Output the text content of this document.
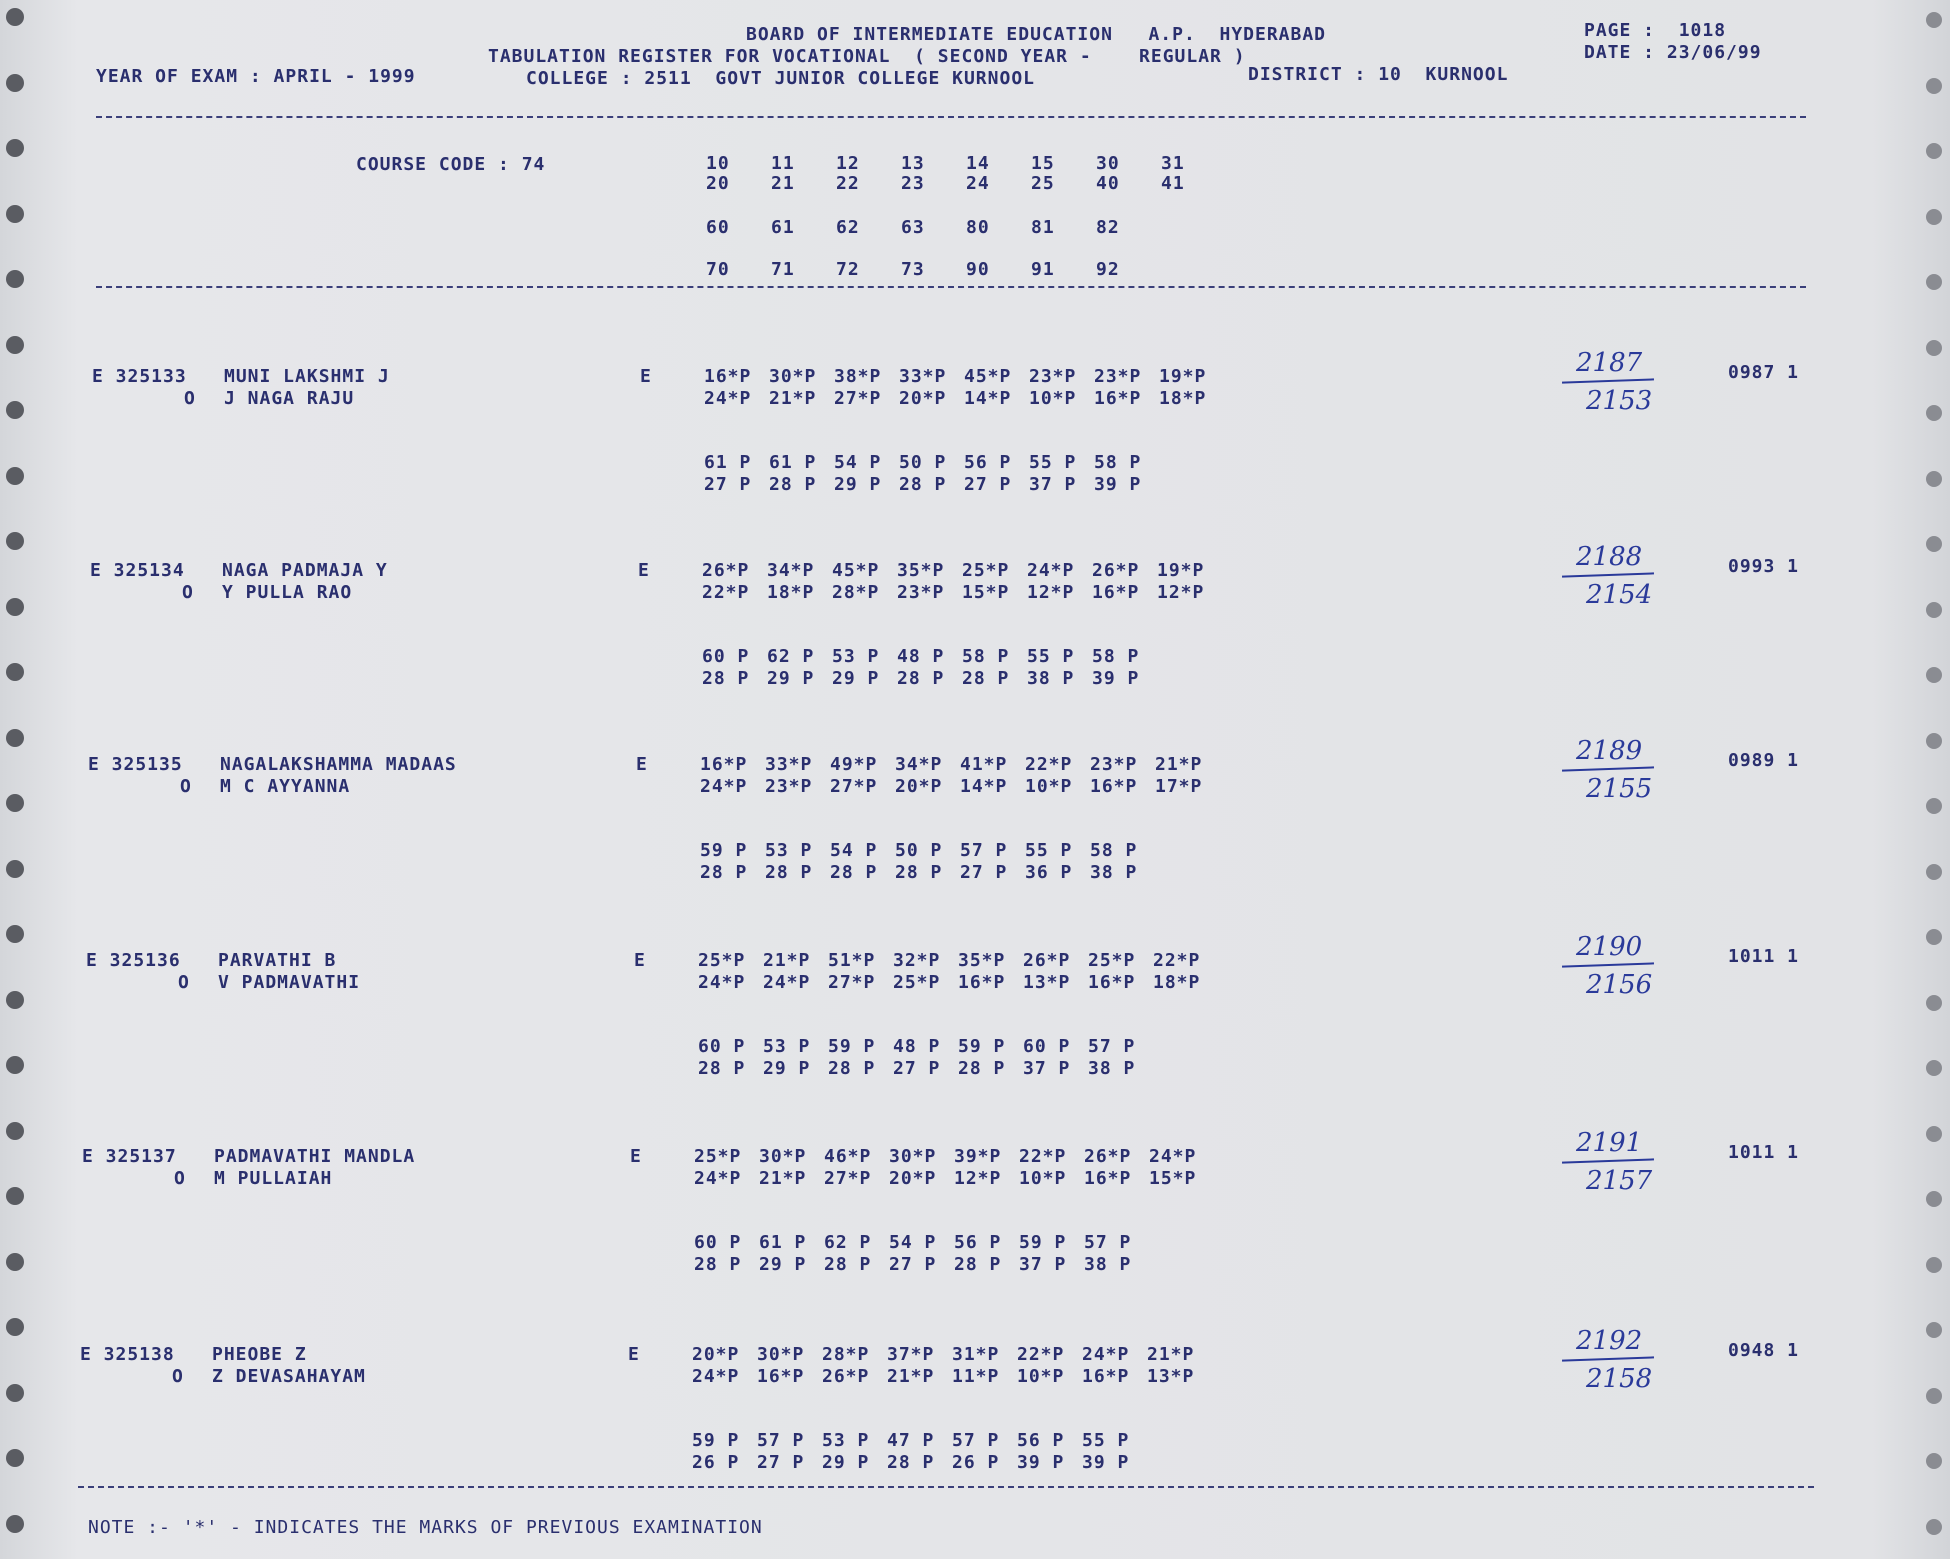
BOARD OF INTERMEDIATE EDUCATION   A.P.  HYDERABAD
TABULATION REGISTER FOR VOCATIONAL  ( SECOND YEAR -    REGULAR )
YEAR OF EXAM : APRIL - 1999	COLLEGE : 2511  GOVT JUNIOR COLLEGE KURNOOL	DISTRICT : 10  KURNOOL
PAGE :  1018
DATE : 23/06/99
COURSE CODE : 74	10 11 12 13 14 15 30 31
20 21 22 23 24 25 40 41
60 61 62 63 80 81 82
70 71 72 73 90 91 92
E 325133 MUNI LAKSHMI J
O J NAGA RAJU
E	16*P 30*P 38*P 33*P 45*P 23*P 23*P 19*P
24*P 21*P 27*P 20*P 14*P 10*P 16*P 18*P
61 P 61 P 54 P 50 P 56 P 55 P 58 P
27 P 28 P 29 P 28 P 27 P 37 P 39 P
0987 1
2187
2153
E 325134 NAGA PADMAJA Y
O Y PULLA RAO
E	26*P 34*P 45*P 35*P 25*P 24*P 26*P 19*P
22*P 18*P 28*P 23*P 15*P 12*P 16*P 12*P
60 P 62 P 53 P 48 P 58 P 55 P 58 P
28 P 29 P 29 P 28 P 28 P 38 P 39 P
0993 1
2188
2154
E 325135 NAGALAKSHAMMA MADAAS
O M C AYYANNA
E	16*P 33*P 49*P 34*P 41*P 22*P 23*P 21*P
24*P 23*P 27*P 20*P 14*P 10*P 16*P 17*P
59 P 53 P 54 P 50 P 57 P 55 P 58 P
28 P 28 P 28 P 28 P 27 P 36 P 38 P
0989 1
2189
2155
E 325136 PARVATHI B
O V PADMAVATHI
E	25*P 21*P 51*P 32*P 35*P 26*P 25*P 22*P
24*P 24*P 27*P 25*P 16*P 13*P 16*P 18*P
60 P 53 P 59 P 48 P 59 P 60 P 57 P
28 P 29 P 28 P 27 P 28 P 37 P 38 P
1011 1
2190
2156
E 325137 PADMAVATHI MANDLA
O M PULLAIAH
E	25*P 30*P 46*P 30*P 39*P 22*P 26*P 24*P
24*P 21*P 27*P 20*P 12*P 10*P 16*P 15*P
60 P 61 P 62 P 54 P 56 P 59 P 57 P
28 P 29 P 28 P 27 P 28 P 37 P 38 P
1011 1
2191
2157
E 325138 PHEOBE Z
O Z DEVASAHAYAM
E	20*P 30*P 28*P 37*P 31*P 22*P 24*P 21*P
24*P 16*P 26*P 21*P 11*P 10*P 16*P 13*P
59 P 57 P 53 P 47 P 57 P 56 P 55 P
26 P 27 P 29 P 28 P 26 P 39 P 39 P
0948 1
2192
2158
NOTE :- '*' - INDICATES THE MARKS OF PREVIOUS EXAMINATION
